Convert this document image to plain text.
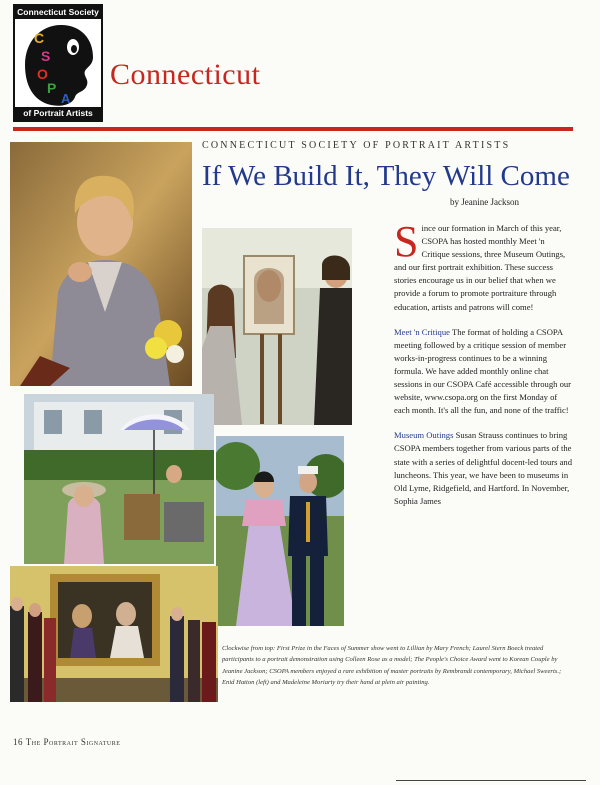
Connecticut Society
C
S
O
P
A
of Portrait Artists
Connecticut
CONNECTICUT SOCIETY OF PORTRAIT ARTISTS
If We Build It, They Will Come
by Jeanine Jackson

Since our formation in March of this year, CSOPA has hosted monthly Meet 'n Critique sessions, three Museum Outings, and our first portrait exhibition. These success stories encourage us in our belief that when we provide a forum to promote portraiture through education, artists and patrons will come!

Meet 'n Critique The format of holding a CSOPA meeting followed by a critique session of member works-in-progress continues to be a winning formula. We have added monthly online chat sessions in our CSOPA Café accessible through our website, www.csopa.org on the first Monday of each month. It's all the fun, and none of the traffic!

Museum Outings Susan Strauss continues to bring CSOPA members together from various parts of the state with a series of delightful docent-led tours and luncheons. This year, we have been to museums in Old Lyme, Ridgefield, and Hartford. In November, Sophia James

Clockwise from top: First Prize in the Faces of Summer show went to Lillian by Mary French; Laurel Stern Boeck treated participants to a portrait demonstration using Colleen Rose as a model; The People's Choice Award went to Korean Couple by Jeanine Jackson; CSOPA members enjoyed a rare exhibition of master portraits by Rembrandt contemporary, Michael Sweerts.; Enid Hatton (left) and Madeleine Moriarty try their hand at plein air painting.
16 The Portrait Signature
